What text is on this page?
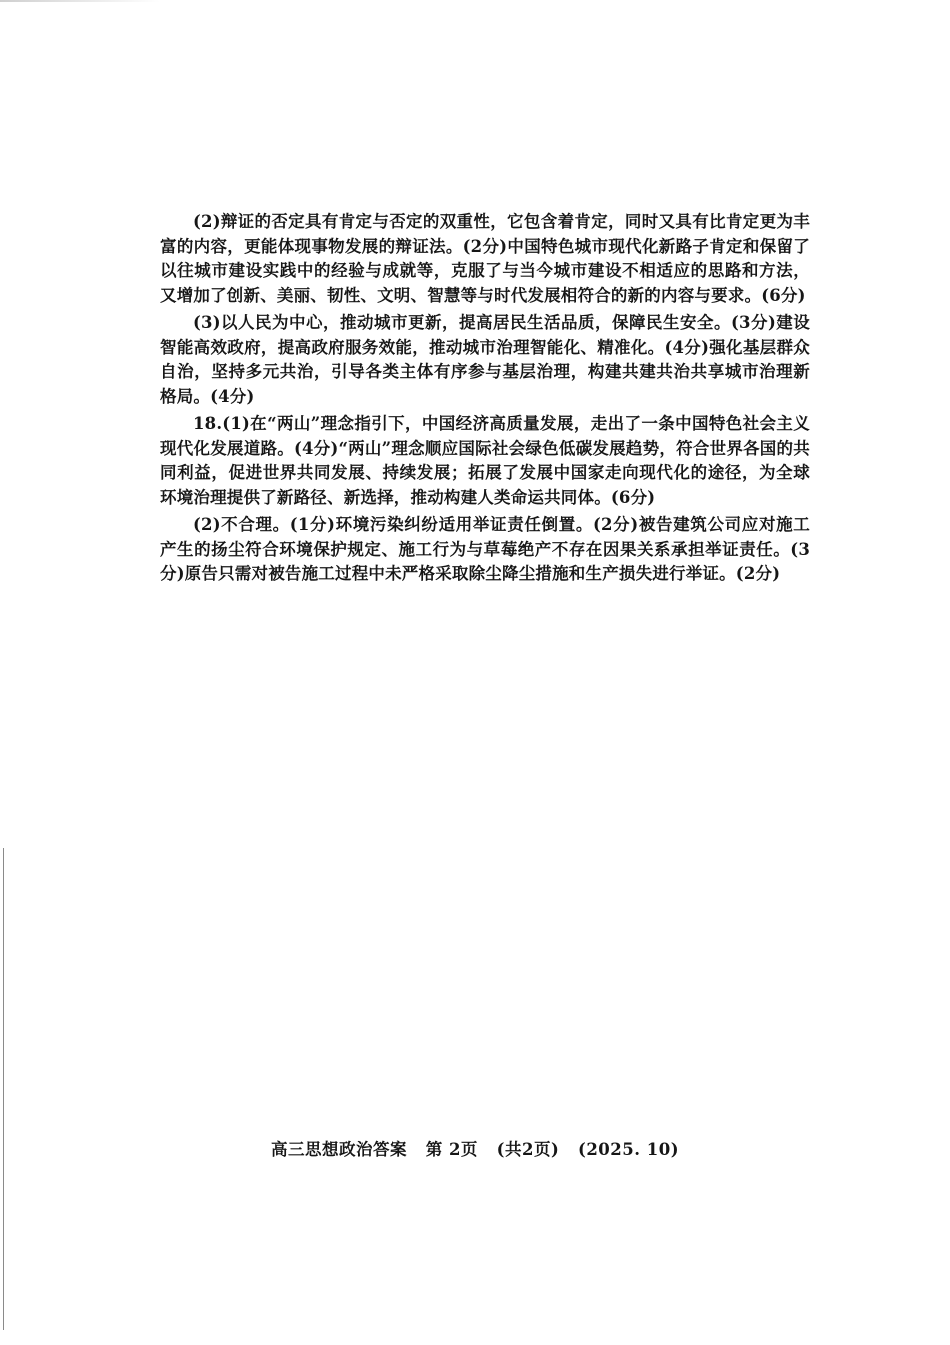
(2)辩证的否定具有肯定与否定的双重性，它包含着肯定，同时又具有比肯定更为丰富的内容，更能体现事物发展的辩证法。(2分)中国特色城市现代化新路子肯定和保留了以往城市建设实践中的经验与成就等，克服了与当今城市建设不相适应的思路和方法，又增加了创新、美丽、韧性、文明、智慧等与时代发展相符合的新的内容与要求。(6分)

(3)以人民为中心，推动城市更新，提高居民生活品质，保障民生安全。(3分)建设智能高效政府，提高政府服务效能，推动城市治理智能化、精准化。(4分)强化基层群众自治，坚持多元共治，引导各类主体有序参与基层治理，构建共建共治共享城市治理新格局。(4分)

18.(1)在“两山”理念指引下，中国经济高质量发展，走出了一条中国特色社会主义现代化发展道路。(4分)“两山”理念顺应国际社会绿色低碳发展趋势，符合世界各国的共同利益，促进世界共同发展、持续发展；拓展了发展中国家走向现代化的途径，为全球环境治理提供了新路径、新选择，推动构建人类命运共同体。(6分)

(2)不合理。(1分)环境污染纠纷适用举证责任倒置。(2分)被告建筑公司应对施工产生的扬尘符合环境保护规定、施工行为与草莓绝产不存在因果关系承担举证责任。(3分)原告只需对被告施工过程中未严格采取除尘降尘措施和生产损失进行举证。(2分)

高三思想政治答案 第 2页 (共2页) (2025. 10)
